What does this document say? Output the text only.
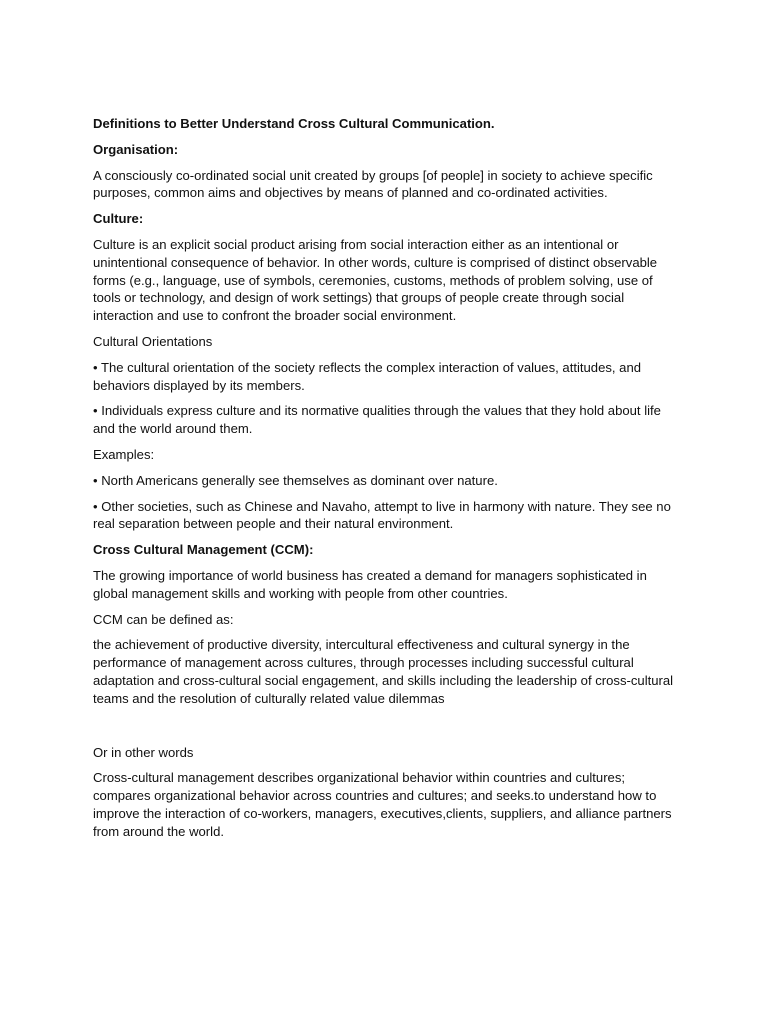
Definitions to Better Understand Cross Cultural Communication.

Organisation:

A consciously co-ordinated social unit created by groups [of people] in society to achieve specific purposes, common aims and objectives by means of planned and co-ordinated activities.

Culture:

Culture is an explicit social product arising from social interaction either as an intentional or unintentional consequence of behavior. In other words, culture is comprised of distinct observable forms (e.g., language, use of symbols, ceremonies, customs, methods of problem solving, use of tools or technology, and design of work settings) that groups of people create through social interaction and use to confront the broader social environment.

Cultural Orientations

• The cultural orientation of the society reflects the complex interaction of values, attitudes, and behaviors displayed by its members.

• Individuals express culture and its normative qualities through the values that they hold about life and the world around them.

Examples:

• North Americans generally see themselves as dominant over nature.

• Other societies, such as Chinese and Navaho, attempt to live in harmony with nature. They see no real separation between people and their natural environment.

Cross Cultural Management (CCM):

The growing importance of world business has created a demand for managers sophisticated in global management skills and working with people from other countries.

CCM can be defined as:

the achievement of productive diversity, intercultural effectiveness and cultural synergy in the performance of management across cultures, through processes including successful cultural adaptation and cross-cultural social engagement, and skills including the leadership of cross-cultural teams and the resolution of culturally related value dilemmas

Or in other words

Cross-cultural management describes organizational behavior within countries and cultures; compares organizational behavior across countries and cultures; and seeks.to understand how to improve the interaction of co-workers, managers, executives,clients, suppliers, and alliance partners from around the world.
